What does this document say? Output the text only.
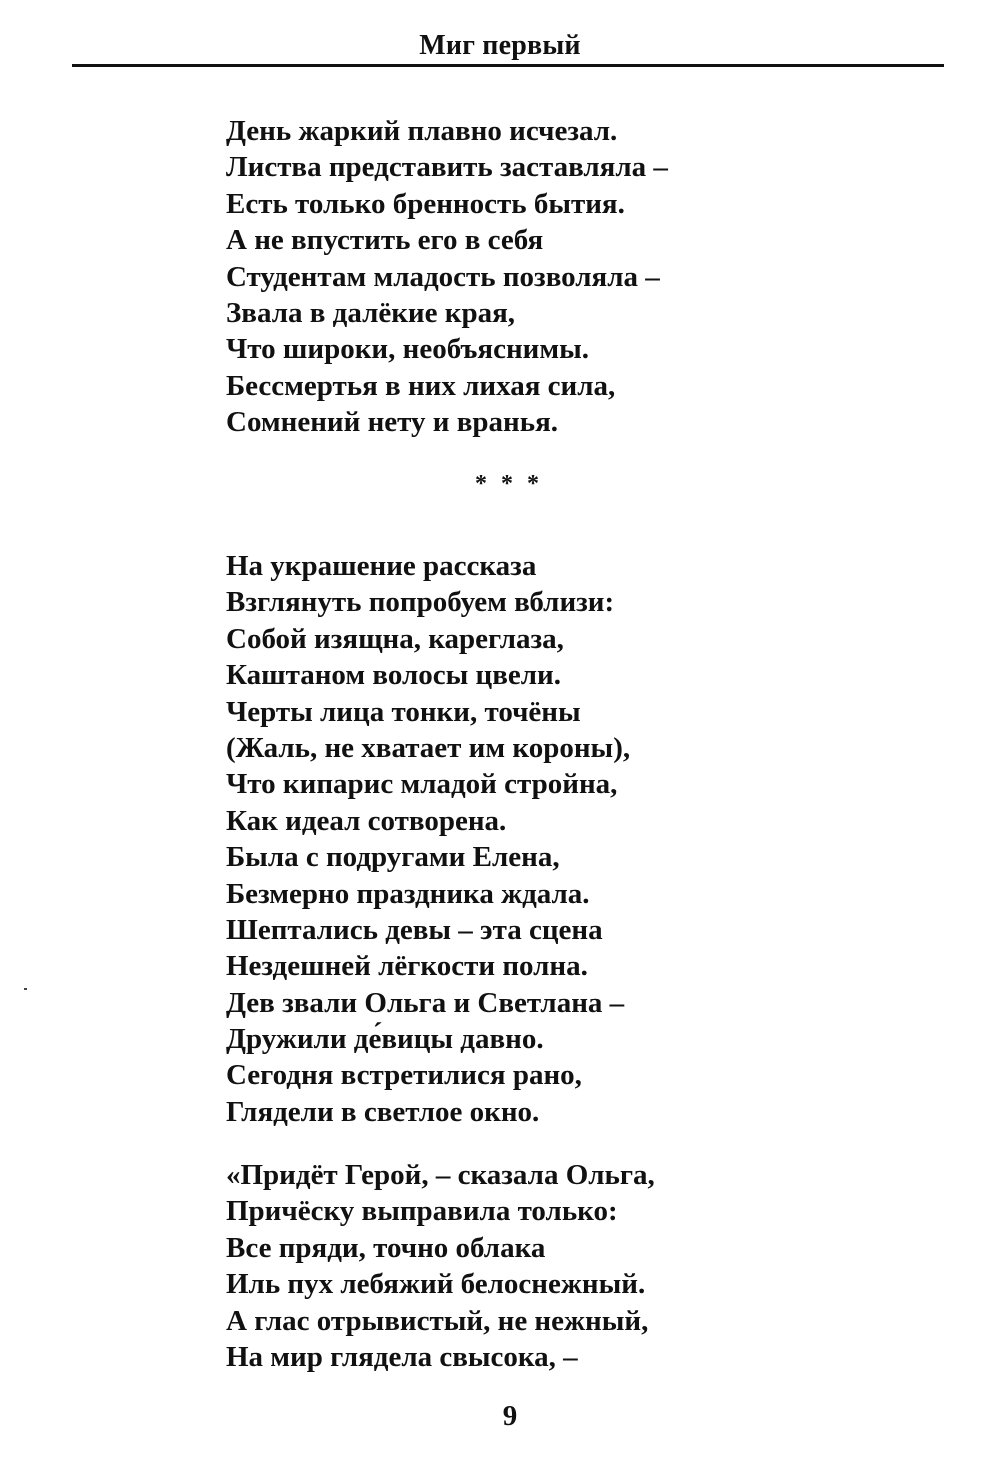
Миг первый
День жаркий плавно исчезал.
Листва представить заставляла –
Есть только бренность бытия.
А не впустить его в себя
Студентам младость позволяла –
Звала в далёкие края,
Что широки, необъяснимы.
Бессмертья в них лихая сила,
Сомнений нету и вранья.
* * *
На украшение рассказа
Взглянуть попробуем вблизи:
Собой изящна, кареглаза,
Каштаном волосы цвели.
Черты лица тонки, точёны
(Жаль, не хватает им короны),
Что кипарис младой стройна,
Как идеал сотворена.
Была с подругами Елена,
Безмерно праздника ждала.
Шептались девы – эта сцена
Нездешней лёгкости полна.
Дев звали Ольга и Светлана –
Дружили де́вицы давно.
Сегодня встретилися рано,
Глядели в светлое окно.
«Придёт Герой, – сказала Ольга,
Причёску выправила только:
Все пряди, точно облака
Иль пух лебяжий белоснежный.
А глас отрывистый, не нежный,
На мир глядела свысока, –
9
